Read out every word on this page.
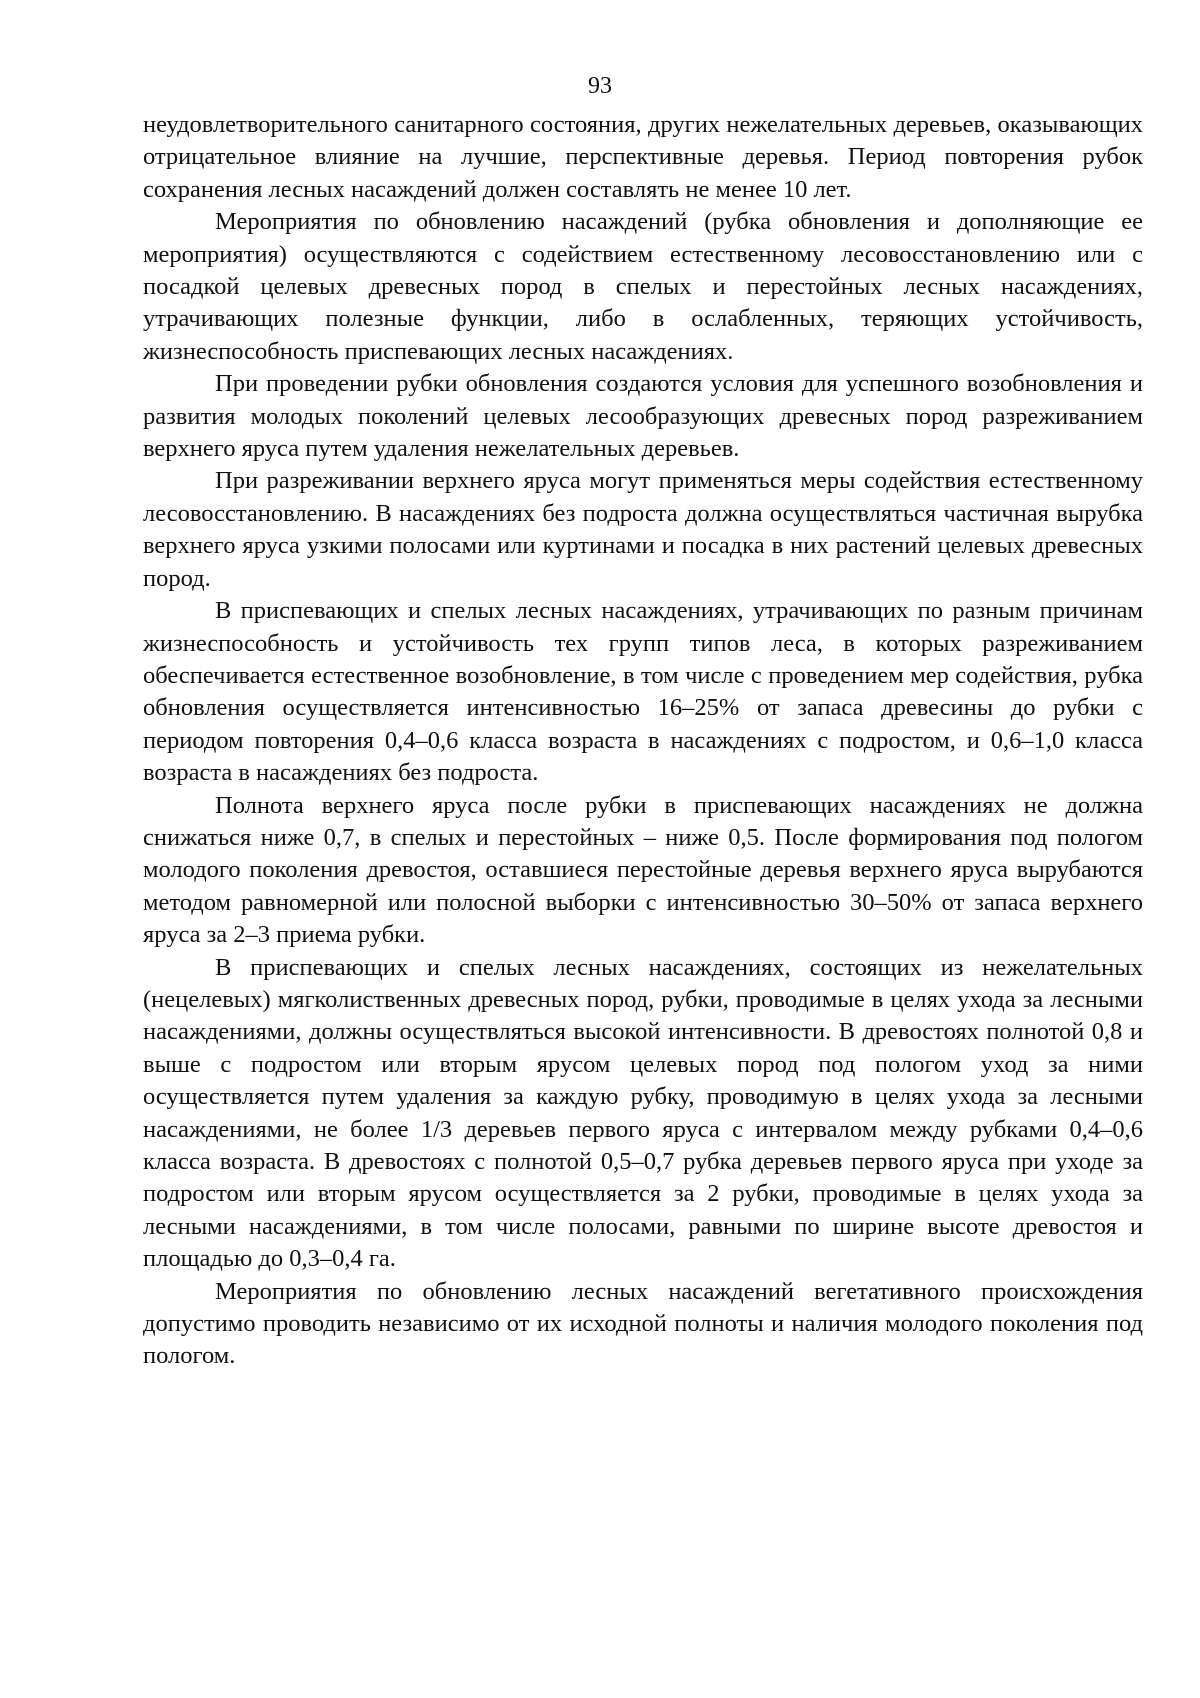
93

неудовлетворительного санитарного состояния, других нежелательных деревьев, оказывающих отрицательное влияние на лучшие, перспективные деревья. Период повторения рубок сохранения лесных насаждений должен составлять не менее 10 лет.

Мероприятия по обновлению насаждений (рубка обновления и дополняющие ее мероприятия) осуществляются с содействием естественному лесовосстановлению или с посадкой целевых древесных пород в спелых и перестойных лесных насаждениях, утрачивающих полезные функции, либо в ослабленных, теряющих устойчивость, жизнеспособность приспевающих лесных насаждениях.

При проведении рубки обновления создаются условия для успешного возобновления и развития молодых поколений целевых лесообразующих древесных пород разреживанием верхнего яруса путем удаления нежелательных деревьев.

При разреживании верхнего яруса могут применяться меры содействия естественному лесовосстановлению. В насаждениях без подроста должна осуществляться частичная вырубка верхнего яруса узкими полосами или куртинами и посадка в них растений целевых древесных пород.

В приспевающих и спелых лесных насаждениях, утрачивающих по разным причинам жизнеспособность и устойчивость тех групп типов леса, в которых разреживанием обеспечивается естественное возобновление, в том числе с проведением мер содействия, рубка обновления осуществляется интенсивностью 16–25% от запаса древесины до рубки с периодом повторения 0,4–0,6 класса возраста в насаждениях с подростом, и 0,6–1,0 класса возраста в насаждениях без подроста.

Полнота верхнего яруса после рубки в приспевающих насаждениях не должна снижаться ниже 0,7, в спелых и перестойных – ниже 0,5. После формирования под пологом молодого поколения древостоя, оставшиеся перестойные деревья верхнего яруса вырубаются методом равномерной или полосной выборки с интенсивностью 30–50% от запаса верхнего яруса за 2–3 приема рубки.

В приспевающих и спелых лесных насаждениях, состоящих из нежелательных (нецелевых) мягколиственных древесных пород, рубки, проводимые в целях ухода за лесными насаждениями, должны осуществляться высокой интенсивности. В древостоях полнотой 0,8 и выше с подростом или вторым ярусом целевых пород под пологом уход за ними осуществляется путем удаления за каждую рубку, проводимую в целях ухода за лесными насаждениями, не более 1/3 деревьев первого яруса с интервалом между рубками 0,4–0,6 класса возраста. В древостоях с полнотой 0,5–0,7 рубка деревьев первого яруса при уходе за подростом или вторым ярусом осуществляется за 2 рубки, проводимые в целях ухода за лесными насаждениями, в том числе полосами, равными по ширине высоте древостоя и площадью до 0,3–0,4 га.

Мероприятия по обновлению лесных насаждений вегетативного происхождения допустимо проводить независимо от их исходной полноты и наличия молодого поколения под пологом.
